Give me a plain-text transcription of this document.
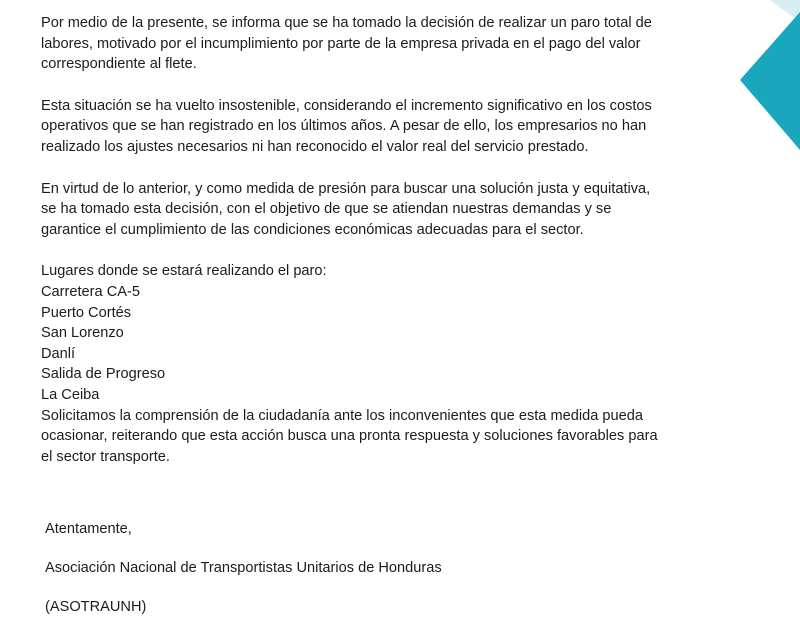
Por medio de la presente, se informa que se ha tomado la decisión de realizar un paro total de
labores, motivado por el incumplimiento por parte de la empresa privada en el pago del valor
correspondiente al flete.

Esta situación se ha vuelto insostenible, considerando el incremento significativo en los costos
operativos que se han registrado en los últimos años. A pesar de ello, los empresarios no han
realizado los ajustes necesarios ni han reconocido el valor real del servicio prestado.

En virtud de lo anterior, y como medida de presión para buscar una solución justa y equitativa,
se ha tomado esta decisión, con el objetivo de que se atiendan nuestras demandas y se
garantice el cumplimiento de las condiciones económicas adecuadas para el sector.

Lugares donde se estará realizando el paro:
Carretera CA-5
Puerto Cortés
San Lorenzo
Danlí
Salida de Progreso
La Ceiba
Solicitamos la comprensión de la ciudadanía ante los inconvenientes que esta medida pueda
ocasionar, reiterando que esta acción busca una pronta respuesta y soluciones favorables para
el sector transporte.
Atentamente,
Asociación Nacional de Transportistas Unitarios de Honduras
(ASOTRAUNH)
